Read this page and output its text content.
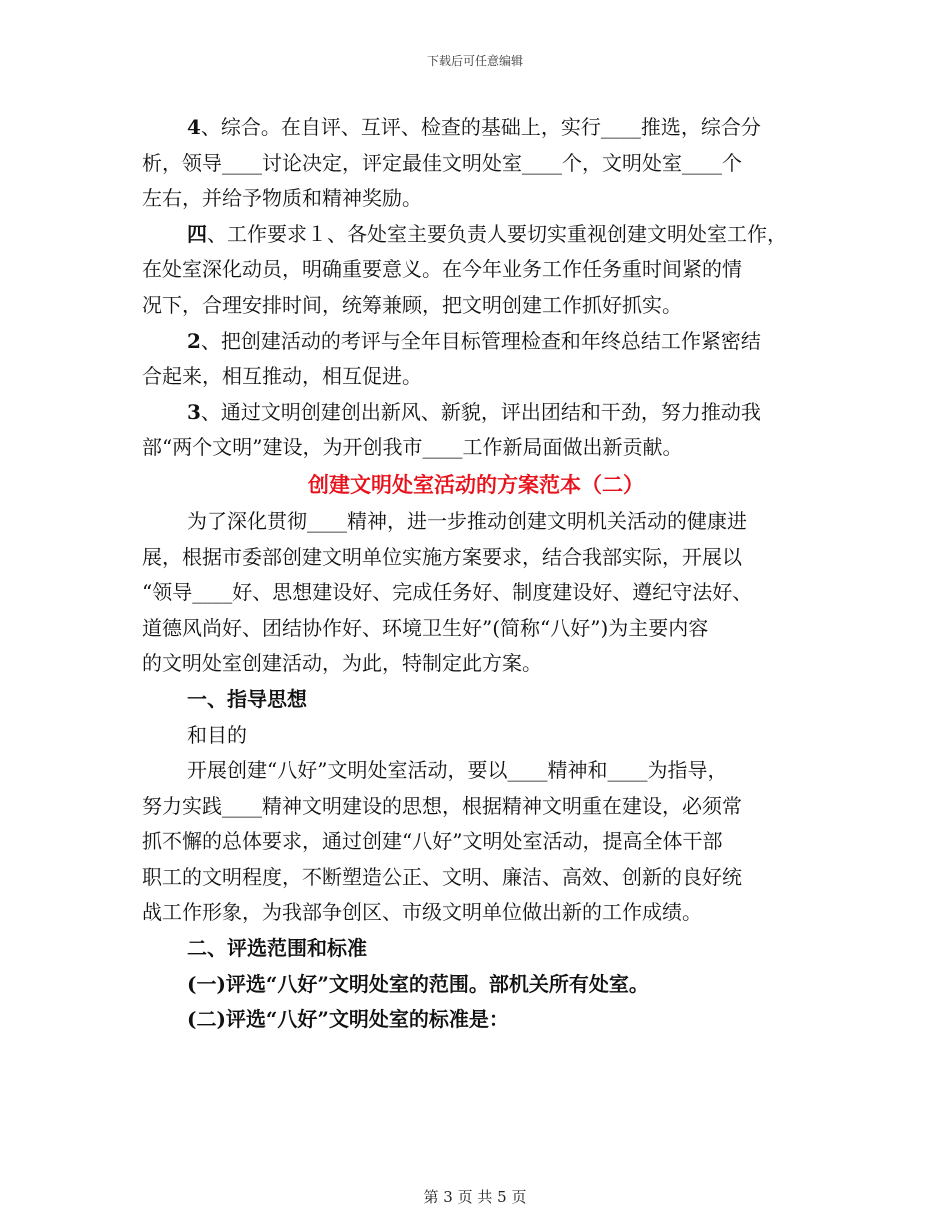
下载后可任意编辑
4、综合。在自评、互评、检查的基础上，实行____推选，综合分
析，领导____讨论决定，评定最佳文明处室____个，文明处室____个
左右，并给予物质和精神奖励。
四、工作要求１、各处室主要负责人要切实重视创建文明处室工作，
在处室深化动员，明确重要意义。在今年业务工作任务重时间紧的情
况下，合理安排时间，统筹兼顾，把文明创建工作抓好抓实。
2、把创建活动的考评与全年目标管理检查和年终总结工作紧密结
合起来，相互推动，相互促进。
3、通过文明创建创出新风、新貌，评出团结和干劲，努力推动我
部“两个文明”建设，为开创我市____工作新局面做出新贡献。
创建文明处室活动的方案范本（二）
为了深化贯彻____精神，进一步推动创建文明机关活动的健康进
展，根据市委部创建文明单位实施方案要求，结合我部实际，开展以
“领导____好、思想建设好、完成任务好、制度建设好、遵纪守法好、
道德风尚好、团结协作好、环境卫生好”(简称“八好”)为主要内容
的文明处室创建活动，为此，特制定此方案。
一、指导思想
和目的
开展创建“八好”文明处室活动，要以____精神和____为指导，
努力实践____精神文明建设的思想，根据精神文明重在建设，必须常
抓不懈的总体要求，通过创建“八好”文明处室活动，提高全体干部
职工的文明程度，不断塑造公正、文明、廉洁、高效、创新的良好统
战工作形象，为我部争创区、市级文明单位做出新的工作成绩。
二、评选范围和标准
(一)评选“八好”文明处室的范围。部机关所有处室。
(二)评选“八好”文明处室的标准是：
第 3 页 共 5 页
